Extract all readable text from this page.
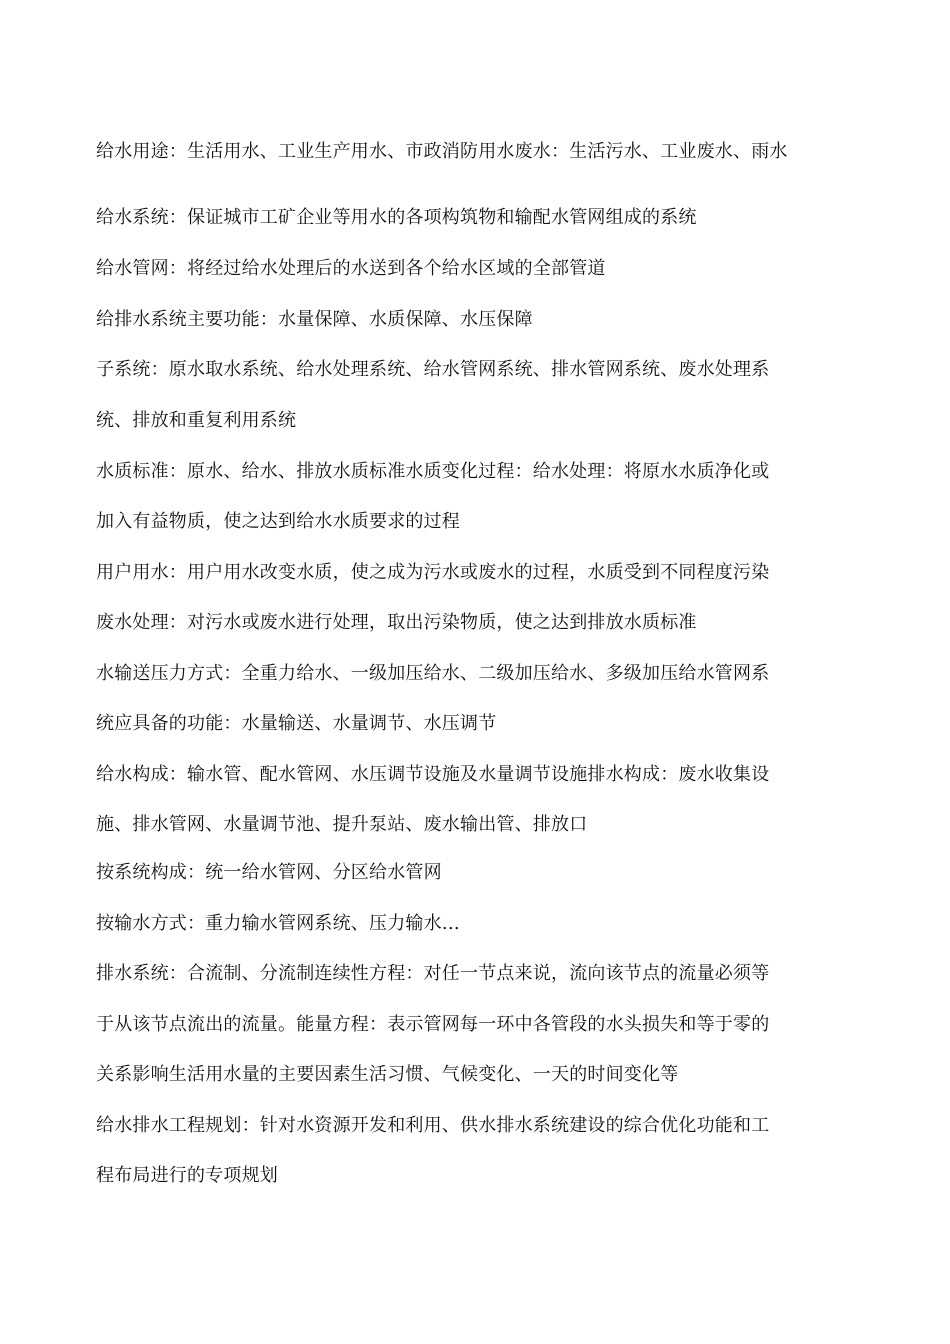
给水用途：生活用水、工业生产用水、市政消防用水废水：生活污水、工业废水、雨水
给水系统：保证城市工矿企业等用水的各项构筑物和输配水管网组成的系统
给水管网：将经过给水处理后的水送到各个给水区域的全部管道
给排水系统主要功能：水量保障、水质保障、水压保障
子系统：原水取水系统、给水处理系统、给水管网系统、排水管网系统、废水处理系
统、排放和重复利用系统
水质标准：原水、给水、排放水质标准水质变化过程：给水处理：将原水水质净化或
加入有益物质，使之达到给水水质要求的过程
用户用水：用户用水改变水质，使之成为污水或废水的过程，水质受到不同程度污染
废水处理：对污水或废水进行处理，取出污染物质，使之达到排放水质标准
水输送压力方式：全重力给水、一级加压给水、二级加压给水、多级加压给水管网系
统应具备的功能：水量输送、水量调节、水压调节
给水构成：输水管、配水管网、水压调节设施及水量调节设施排水构成：废水收集设
施、排水管网、水量调节池、提升泵站、废水输出管、排放口
按系统构成：统一给水管网、分区给水管网
按输水方式：重力输水管网系统、压力输水…
排水系统：合流制、分流制连续性方程：对任一节点来说，流向该节点的流量必须等
于从该节点流出的流量。能量方程：表示管网每一环中各管段的水头损失和等于零的
关系影响生活用水量的主要因素生活习惯、气候变化、一天的时间变化等
给水排水工程规划：针对水资源开发和利用、供水排水系统建设的综合优化功能和工
程布局进行的专项规划
